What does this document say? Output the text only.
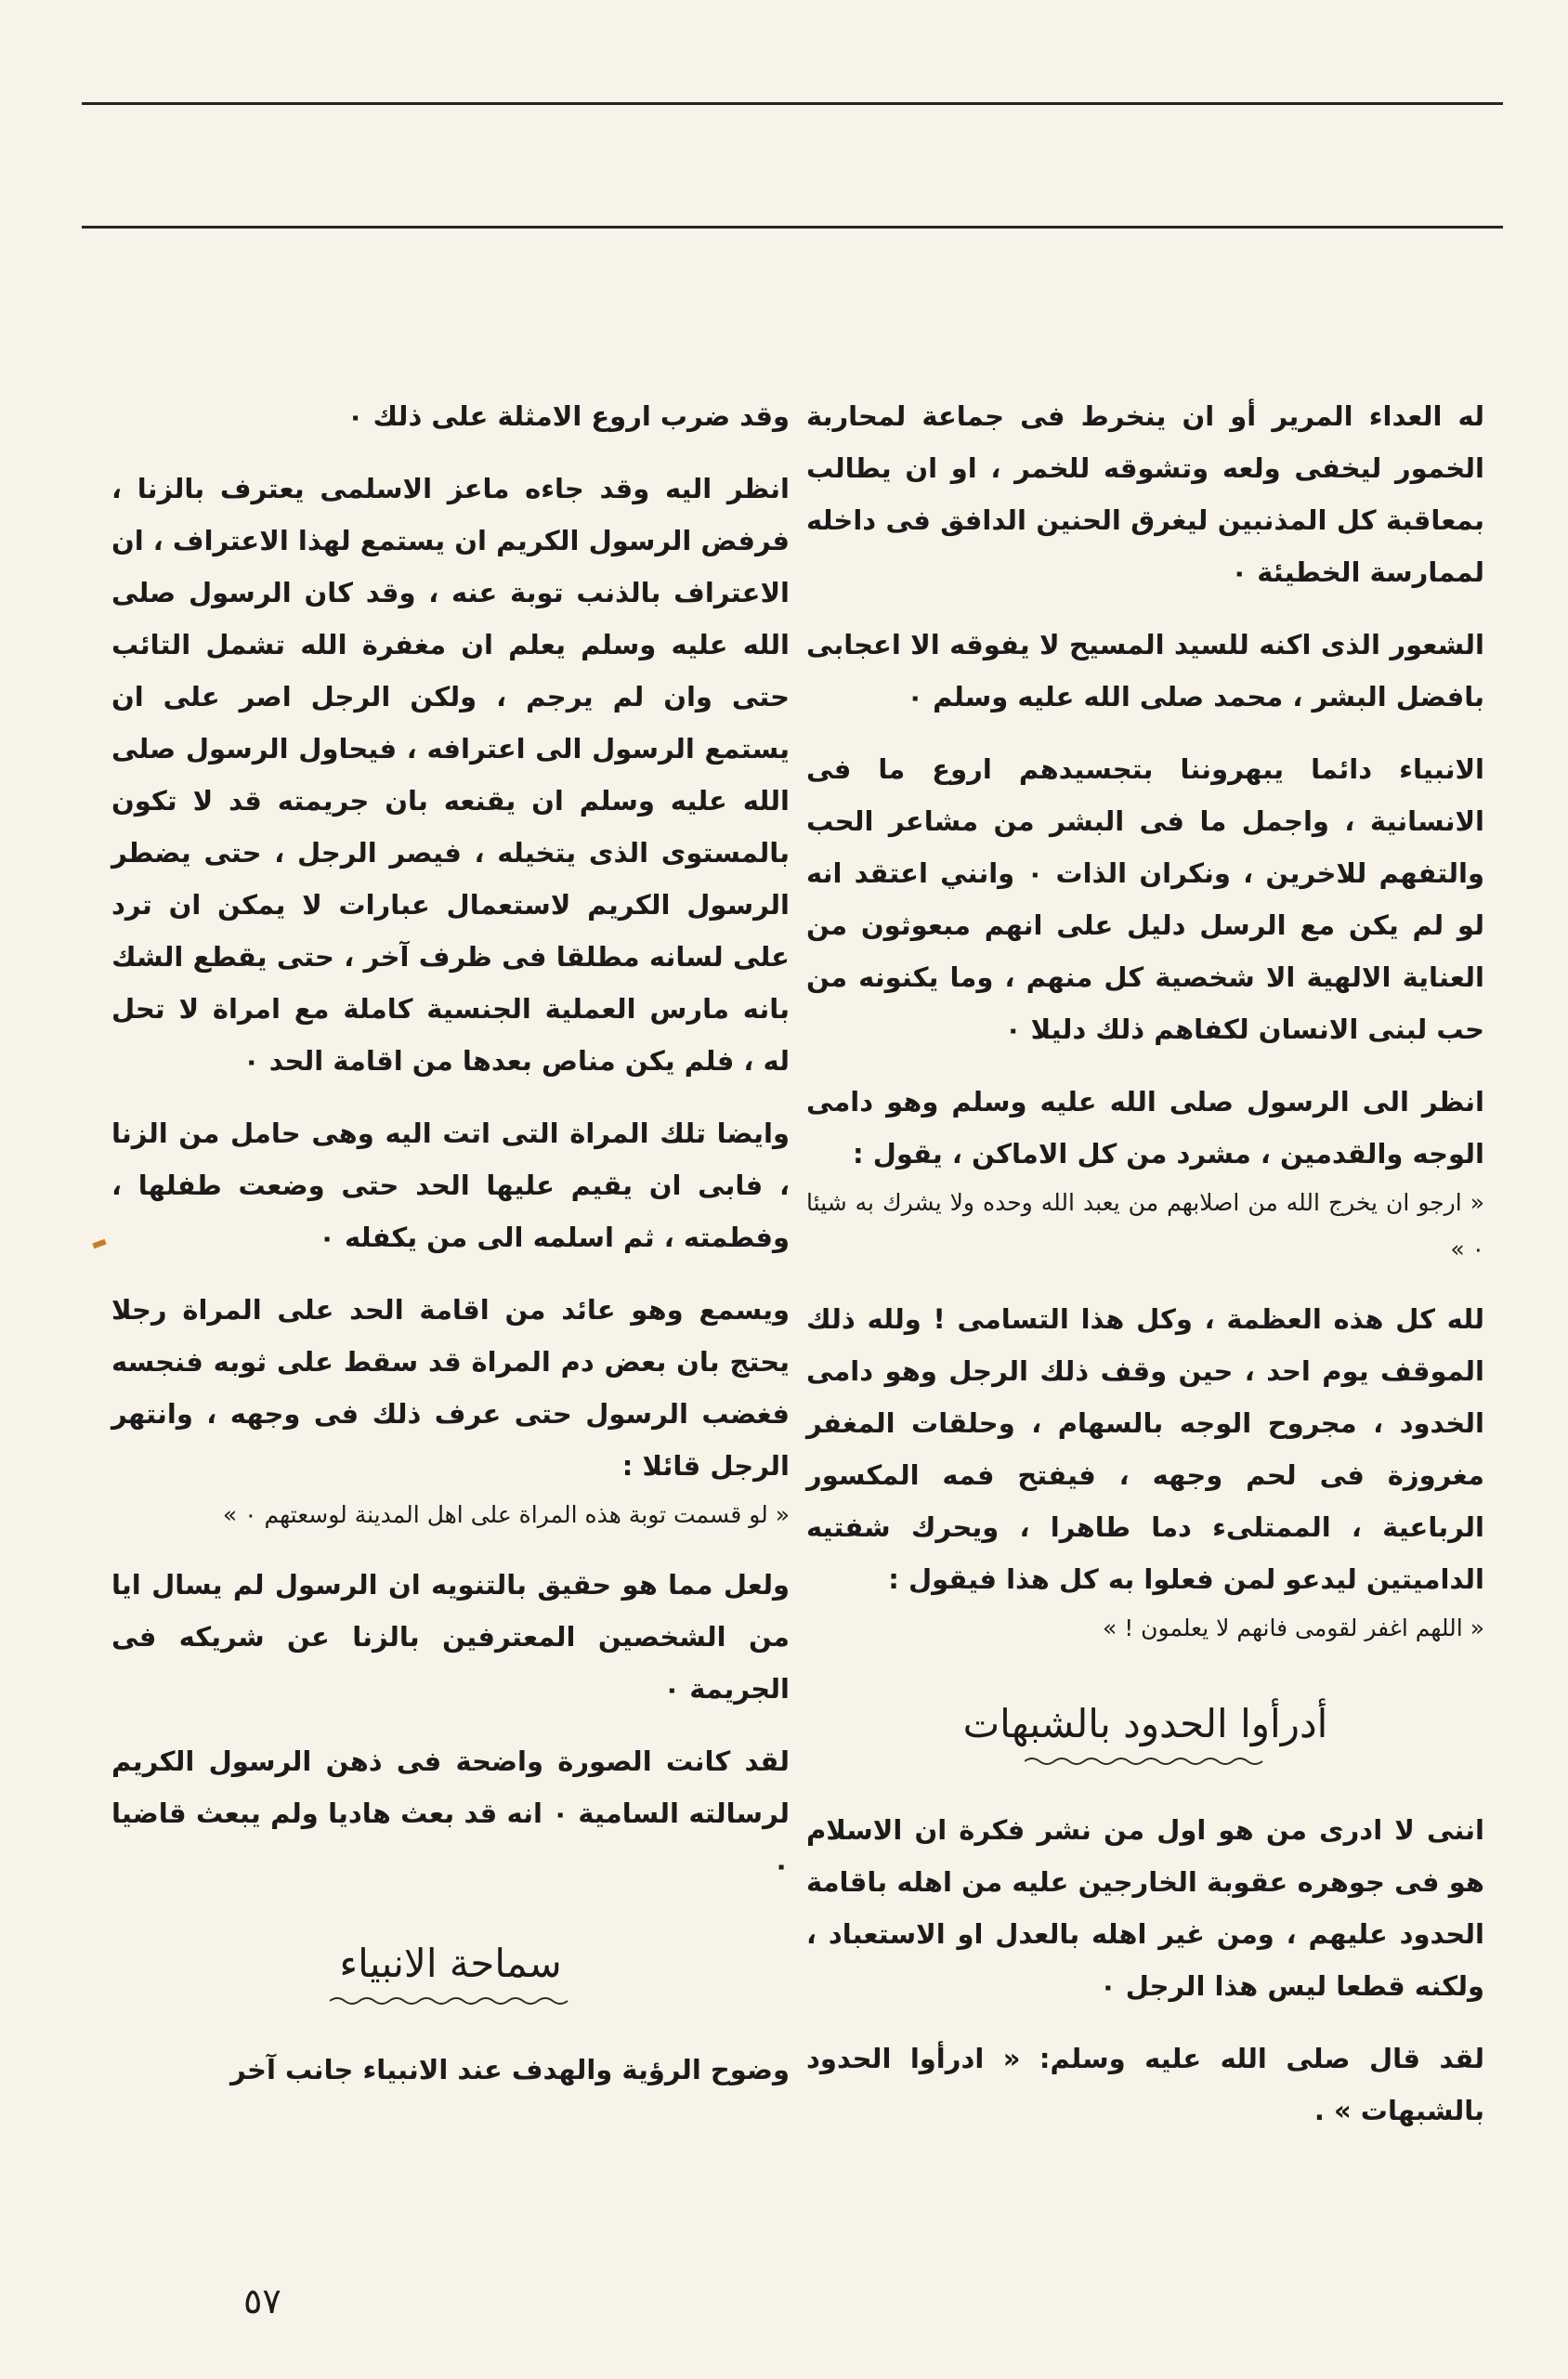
له العداء المرير أو ان ينخرط فى جماعة لمحاربة الخمور ليخفى ولعه وتشوقه للخمر ، او ان يطالب بمعاقبة كل المذنبين ليغرق الحنين الدافق فى داخله لممارسة الخطيئة ٠

الشعور الذى اكنه للسيد المسيح لا يفوقه الا اعجابى بافضل البشر ، محمد صلى الله عليه وسلم ٠

الانبياء دائما يبهروننا بتجسيدهم اروع ما فى الانسانية ، واجمل ما فى البشر من مشاعر الحب والتفهم للاخرين ، ونكران الذات ٠ وانني اعتقد انه لو لم يكن مع الرسل دليل على انهم مبعوثون من العناية الالهية الا شخصية كل منهم ، وما يكنونه من حب لبنى الانسان لكفاهم ذلك دليلا ٠

انظر الى الرسول صلى الله عليه وسلم وهو دامى الوجه والقدمين ، مشرد من كل الاماكن ، يقول :

« ارجو ان يخرج الله من اصلابهم من يعبد الله وحده ولا يشرك به شيئا ٠ »

لله كل هذه العظمة ، وكل هذا التسامى ! ولله ذلك الموقف يوم احد ، حين وقف ذلك الرجل وهو دامى الخدود ، مجروح الوجه بالسهام ، وحلقات المغفر مغروزة فى لحم وجهه ، فيفتح فمه المكسور الرباعية ، الممتلىء دما طاهرا ، ويحرك شفتيه الداميتين ليدعو لمن فعلوا به كل هذا فيقول :

« اللهم اغفر لقومى فانهم لا يعلمون ! »

أدرأوا الحدود بالشبهات

اننى لا ادرى من هو اول من نشر فكرة ان الاسلام هو فى جوهره عقوبة الخارجين عليه من اهله باقامة الحدود عليهم ، ومن غير اهله بالعدل او الاستعباد ، ولكنه قطعا ليس هذا الرجل ٠

لقد قال صلى الله عليه وسلم: « ادرأوا الحدود بالشبهات » .

وقد ضرب اروع الامثلة على ذلك ٠

انظر اليه وقد جاءه ماعز الاسلمى يعترف بالزنا ، فرفض الرسول الكريم ان يستمع لهذا الاعتراف ، ان الاعتراف بالذنب توبة عنه ، وقد كان الرسول صلى الله عليه وسلم يعلم ان مغفرة الله تشمل التائب حتى وان لم يرجم ، ولكن الرجل اصر على ان يستمع الرسول الى اعترافه ، فيحاول الرسول صلى الله عليه وسلم ان يقنعه بان جريمته قد لا تكون بالمستوى الذى يتخيله ، فيصر الرجل ، حتى يضطر الرسول الكريم لاستعمال عبارات لا يمكن ان ترد على لسانه مطلقا فى ظرف آخر ، حتى يقطع الشك بانه مارس العملية الجنسية كاملة مع امراة لا تحل له ، فلم يكن مناص بعدها من اقامة الحد ٠

وايضا تلك المراة التى اتت اليه وهى حامل من الزنا ، فابى ان يقيم عليها الحد حتى وضعت طفلها ، وفطمته ، ثم اسلمه الى من يكفله ٠

ويسمع وهو عائد من اقامة الحد على المراة رجلا يحتج بان بعض دم المراة قد سقط على ثوبه فنجسه فغضب الرسول حتى عرف ذلك فى وجهه ، وانتهر الرجل قائلا :

« لو قسمت توبة هذه المراة على اهل المدينة لوسعتهم ٠ »

ولعل مما هو حقيق بالتنويه ان الرسول لم يسال ايا من الشخصين المعترفين بالزنا عن شريكه فى الجريمة ٠

لقد كانت الصورة واضحة فى ذهن الرسول الكريم لرسالته السامية ٠ انه قد بعث هاديا ولم يبعث قاضيا ٠

سماحة الانبياء

وضوح الرؤية والهدف عند الانبياء جانب آخر

٥٧
